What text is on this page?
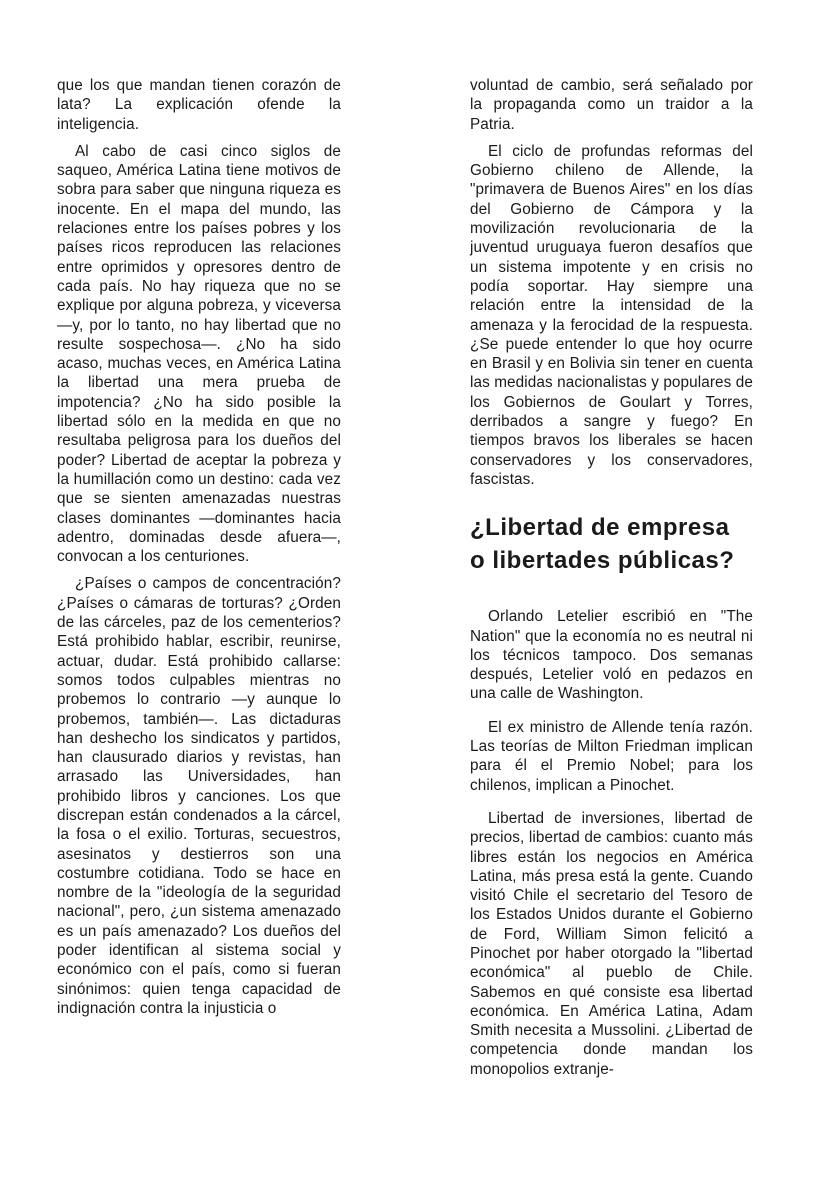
que los que mandan tienen corazón de lata? La explicación ofende la inteligencia.

Al cabo de casi cinco siglos de saqueo, América Latina tiene motivos de sobra para saber que ninguna riqueza es inocente. En el mapa del mundo, las relaciones entre los países pobres y los países ricos reproducen las relaciones entre oprimidos y opresores dentro de cada país. No hay riqueza que no se explique por alguna pobreza, y viceversa —y, por lo tanto, no hay libertad que no resulte sospechosa—. ¿No ha sido acaso, muchas veces, en América Latina la libertad una mera prueba de impotencia? ¿No ha sido posible la libertad sólo en la medida en que no resultaba peligrosa para los dueños del poder? Libertad de aceptar la pobreza y la humillación como un destino: cada vez que se sienten amenazadas nuestras clases dominantes —dominantes hacia adentro, dominadas desde afuera—, convocan a los centuriones.

¿Países o campos de concentración? ¿Países o cámaras de torturas? ¿Orden de las cárceles, paz de los cementerios? Está prohibido hablar, escribir, reunirse, actuar, dudar. Está prohibido callarse: somos todos culpables mientras no probemos lo contrario —y aunque lo probemos, también—. Las dictaduras han deshecho los sindicatos y partidos, han clausurado diarios y revistas, han arrasado las Universidades, han prohibido libros y canciones. Los que discrepan están condenados a la cárcel, la fosa o el exilio. Torturas, secuestros, asesinatos y destierros son una costumbre cotidiana. Todo se hace en nombre de la "ideología de la seguridad nacional", pero, ¿un sistema amenazado es un país amenazado? Los dueños del poder identifican al sistema social y económico con el país, como si fueran sinónimos: quien tenga capacidad de indignación contra la injusticia o

voluntad de cambio, será señalado por la propaganda como un traidor a la Patria.

El ciclo de profundas reformas del Gobierno chileno de Allende, la "primavera de Buenos Aires" en los días del Gobierno de Cámpora y la movilización revolucionaria de la juventud uruguaya fueron desafíos que un sistema impotente y en crisis no podía soportar. Hay siempre una relación entre la intensidad de la amenaza y la ferocidad de la respuesta. ¿Se puede entender lo que hoy ocurre en Brasil y en Bolivia sin tener en cuenta las medidas nacionalistas y populares de los Gobiernos de Goulart y Torres, derribados a sangre y fuego? En tiempos bravos los liberales se hacen conservadores y los conservadores, fascistas.

¿Libertad de empresa
o libertades públicas?

Orlando Letelier escribió en "The Nation" que la economía no es neutral ni los técnicos tampoco. Dos semanas después, Letelier voló en pedazos en una calle de Washington.

El ex ministro de Allende tenía razón. Las teorías de Milton Friedman implican para él el Premio Nobel; para los chilenos, implican a Pinochet.

Libertad de inversiones, libertad de precios, libertad de cambios: cuanto más libres están los negocios en América Latina, más presa está la gente. Cuando visitó Chile el secretario del Tesoro de los Estados Unidos durante el Gobierno de Ford, William Simon felicitó a Pinochet por haber otorgado la "libertad económica" al pueblo de Chile. Sabemos en qué consiste esa libertad económica. En América Latina, Adam Smith necesita a Mussolini. ¿Libertad de competencia donde mandan los monopolios extranje-
